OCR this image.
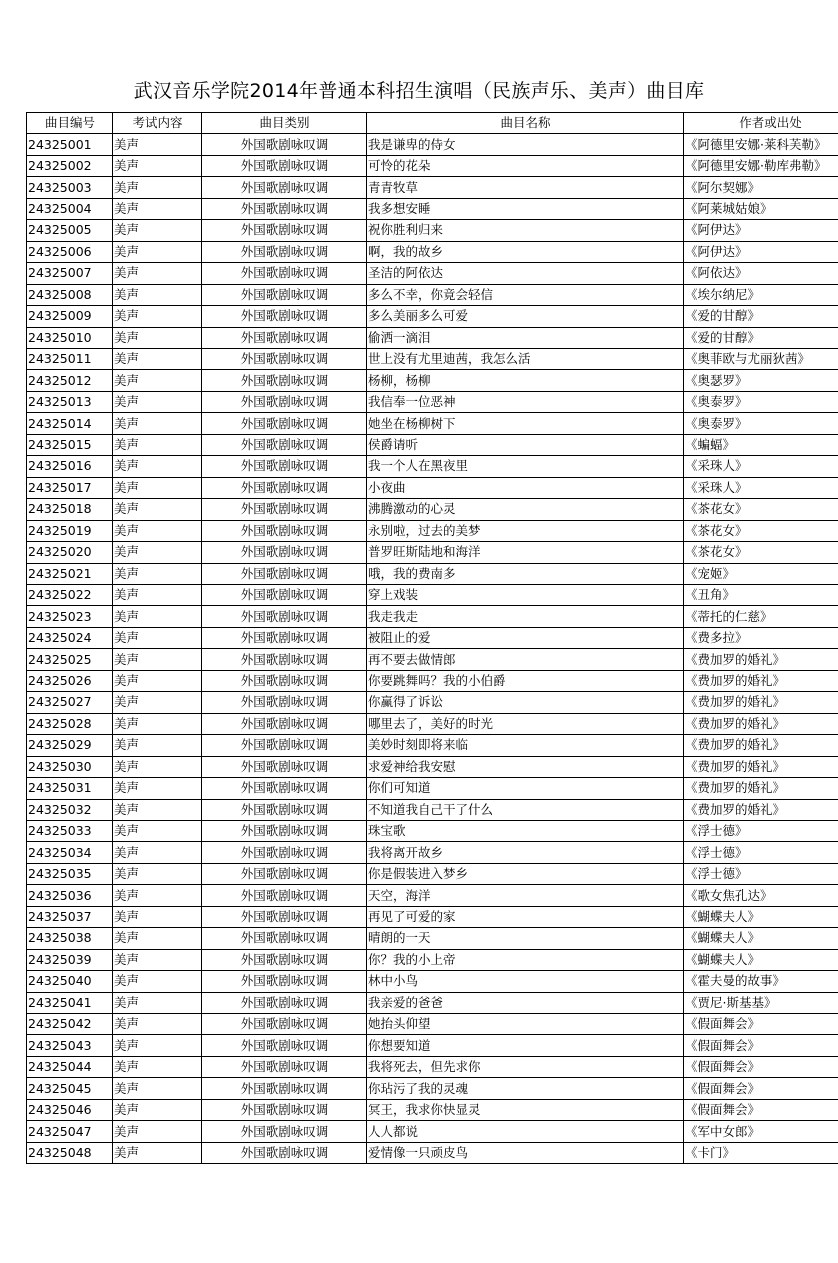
武汉音乐学院2014年普通本科招生演唱（民族声乐、美声）曲目库
曲目编号	考试内容	曲目类别	曲目名称	作者或出处
24325001	美声	外国歌剧咏叹调	我是谦卑的侍女	《阿德里安娜·莱科芙勒》
24325002	美声	外国歌剧咏叹调	可怜的花朵	《阿德里安娜·勒库弗勒》
24325003	美声	外国歌剧咏叹调	青青牧草	《阿尔契娜》
24325004	美声	外国歌剧咏叹调	我多想安睡	《阿莱城姑娘》
24325005	美声	外国歌剧咏叹调	祝你胜利归来	《阿伊达》
24325006	美声	外国歌剧咏叹调	啊，我的故乡	《阿伊达》
24325007	美声	外国歌剧咏叹调	圣洁的阿依达	《阿依达》
24325008	美声	外国歌剧咏叹调	多么不幸，你竟会轻信	《埃尔纳尼》
24325009	美声	外国歌剧咏叹调	多么美丽多么可爱	《爱的甘醇》
24325010	美声	外国歌剧咏叹调	偷洒一滴泪	《爱的甘醇》
24325011	美声	外国歌剧咏叹调	世上没有尤里迪茜，我怎么活	《奥菲欧与尤丽狄茜》
24325012	美声	外国歌剧咏叹调	杨柳，杨柳	《奥瑟罗》
24325013	美声	外国歌剧咏叹调	我信奉一位恶神	《奥泰罗》
24325014	美声	外国歌剧咏叹调	她坐在杨柳树下	《奥泰罗》
24325015	美声	外国歌剧咏叹调	侯爵请听	《蝙蝠》
24325016	美声	外国歌剧咏叹调	我一个人在黑夜里	《采珠人》
24325017	美声	外国歌剧咏叹调	小夜曲	《采珠人》
24325018	美声	外国歌剧咏叹调	沸腾激动的心灵	《茶花女》
24325019	美声	外国歌剧咏叹调	永别啦，过去的美梦	《茶花女》
24325020	美声	外国歌剧咏叹调	普罗旺斯陆地和海洋	《茶花女》
24325021	美声	外国歌剧咏叹调	哦，我的费南多	《宠姬》
24325022	美声	外国歌剧咏叹调	穿上戏装	《丑角》
24325023	美声	外国歌剧咏叹调	我走我走	《蒂托的仁慈》
24325024	美声	外国歌剧咏叹调	被阻止的爱	《费多拉》
24325025	美声	外国歌剧咏叹调	再不要去做情郎	《费加罗的婚礼》
24325026	美声	外国歌剧咏叹调	你要跳舞吗？我的小伯爵	《费加罗的婚礼》
24325027	美声	外国歌剧咏叹调	你赢得了诉讼	《费加罗的婚礼》
24325028	美声	外国歌剧咏叹调	哪里去了，美好的时光	《费加罗的婚礼》
24325029	美声	外国歌剧咏叹调	美妙时刻即将来临	《费加罗的婚礼》
24325030	美声	外国歌剧咏叹调	求爱神给我安慰	《费加罗的婚礼》
24325031	美声	外国歌剧咏叹调	你们可知道	《费加罗的婚礼》
24325032	美声	外国歌剧咏叹调	不知道我自己干了什么	《费加罗的婚礼》
24325033	美声	外国歌剧咏叹调	珠宝歌	《浮士德》
24325034	美声	外国歌剧咏叹调	我将离开故乡	《浮士德》
24325035	美声	外国歌剧咏叹调	你是假装进入梦乡	《浮士德》
24325036	美声	外国歌剧咏叹调	天空，海洋	《歌女焦孔达》
24325037	美声	外国歌剧咏叹调	再见了可爱的家	《蝴蝶夫人》
24325038	美声	外国歌剧咏叹调	晴朗的一天	《蝴蝶夫人》
24325039	美声	外国歌剧咏叹调	你？我的小上帝	《蝴蝶夫人》
24325040	美声	外国歌剧咏叹调	林中小鸟	《霍夫曼的故事》
24325041	美声	外国歌剧咏叹调	我亲爱的爸爸	《贾尼·斯基基》
24325042	美声	外国歌剧咏叹调	她抬头仰望	《假面舞会》
24325043	美声	外国歌剧咏叹调	你想要知道	《假面舞会》
24325044	美声	外国歌剧咏叹调	我将死去，但先求你	《假面舞会》
24325045	美声	外国歌剧咏叹调	你玷污了我的灵魂	《假面舞会》
24325046	美声	外国歌剧咏叹调	冥王，我求你快显灵	《假面舞会》
24325047	美声	外国歌剧咏叹调	人人都说	《军中女郎》
24325048	美声	外国歌剧咏叹调	爱情像一只顽皮鸟	《卡门》
